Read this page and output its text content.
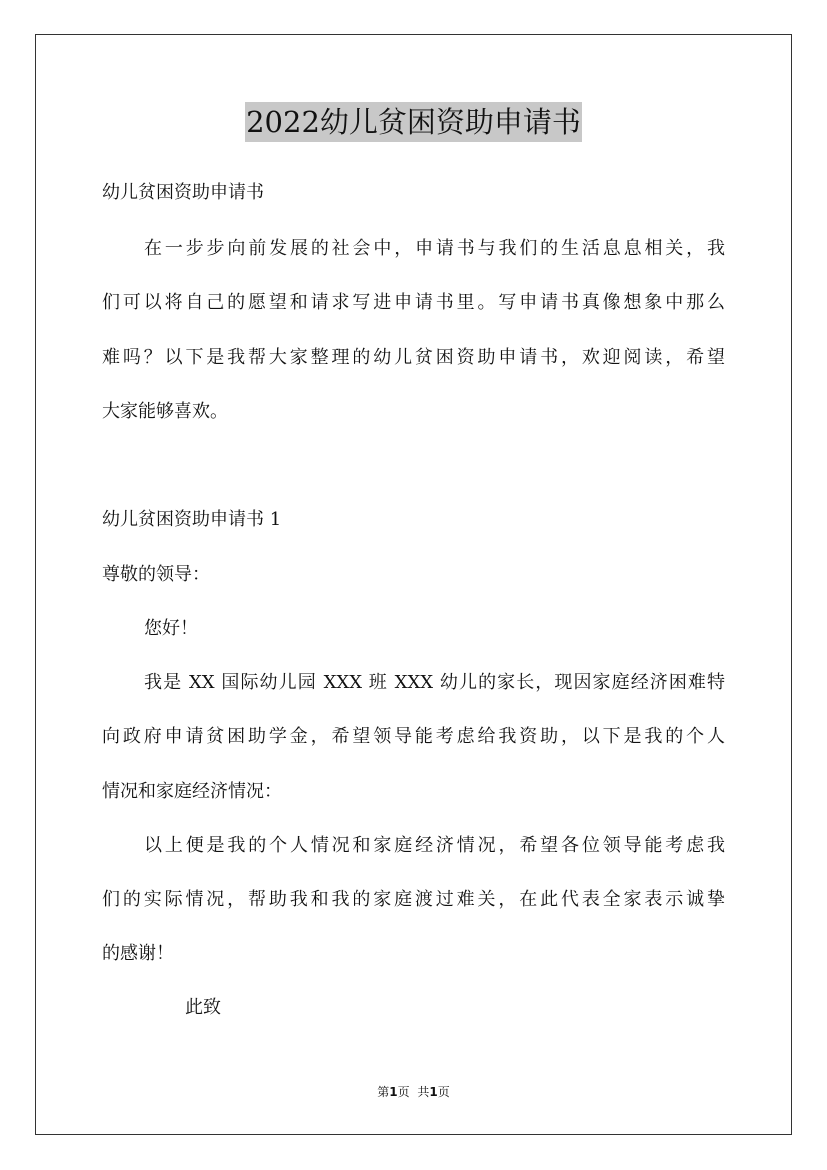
2022幼儿贫困资助申请书
幼儿贫困资助申请书
在一步步向前发展的社会中，申请书与我们的生活息息相关，我
们可以将自己的愿望和请求写进申请书里。写申请书真像想象中那么
难吗？以下是我帮大家整理的幼儿贫困资助申请书，欢迎阅读，希望
大家能够喜欢。
幼儿贫困资助申请书 1
尊敬的领导：
您好！
我是 XX 国际幼儿园 XXX 班 XXX 幼儿的家长，现因家庭经济困难特
向政府申请贫困助学金，希望领导能考虑给我资助，以下是我的个人
情况和家庭经济情况：
以上便是我的个人情况和家庭经济情况，希望各位领导能考虑我
们的实际情况，帮助我和我的家庭渡过难关，在此代表全家表示诚挚
的感谢！
此致
第1页 共1页
